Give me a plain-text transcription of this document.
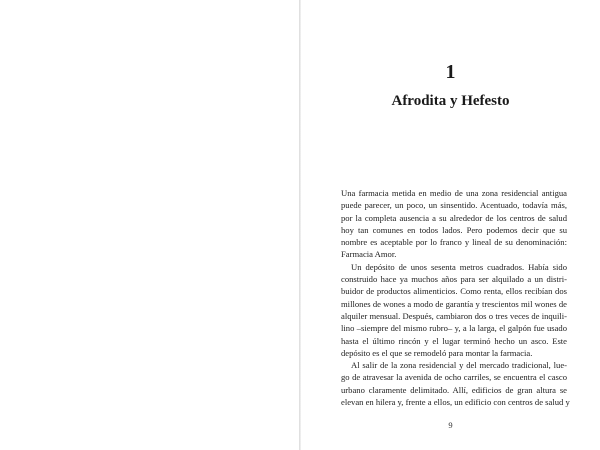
1
Afrodita y Hefesto

Una farmacia metida en medio de una zona residencial antigua
puede parecer, un poco, un sinsentido. Acentuado, todavía más,
por la completa ausencia a su alrededor de los centros de salud
hoy tan comunes en todos lados. Pero podemos decir que su
nombre es aceptable por lo franco y lineal de su denominación:
Farmacia Amor.

Un depósito de unos sesenta metros cuadrados. Había sido
construido hace ya muchos años para ser alquilado a un distri-
buidor de productos alimenticios. Como renta, ellos recibían dos
millones de wones a modo de garantía y trescientos mil wones de
alquiler mensual. Después, cambiaron dos o tres veces de inquili-
lino –siempre del mismo rubro– y, a la larga, el galpón fue usado
hasta el último rincón y el lugar terminó hecho un asco. Este
depósito es el que se remodeló para montar la farmacia.

Al salir de la zona residencial y del mercado tradicional, lue-
go de atravesar la avenida de ocho carriles, se encuentra el casco
urbano claramente delimitado. Allí, edificios de gran altura se
elevan en hilera y, frente a ellos, un edificio con centros de salud y

9
